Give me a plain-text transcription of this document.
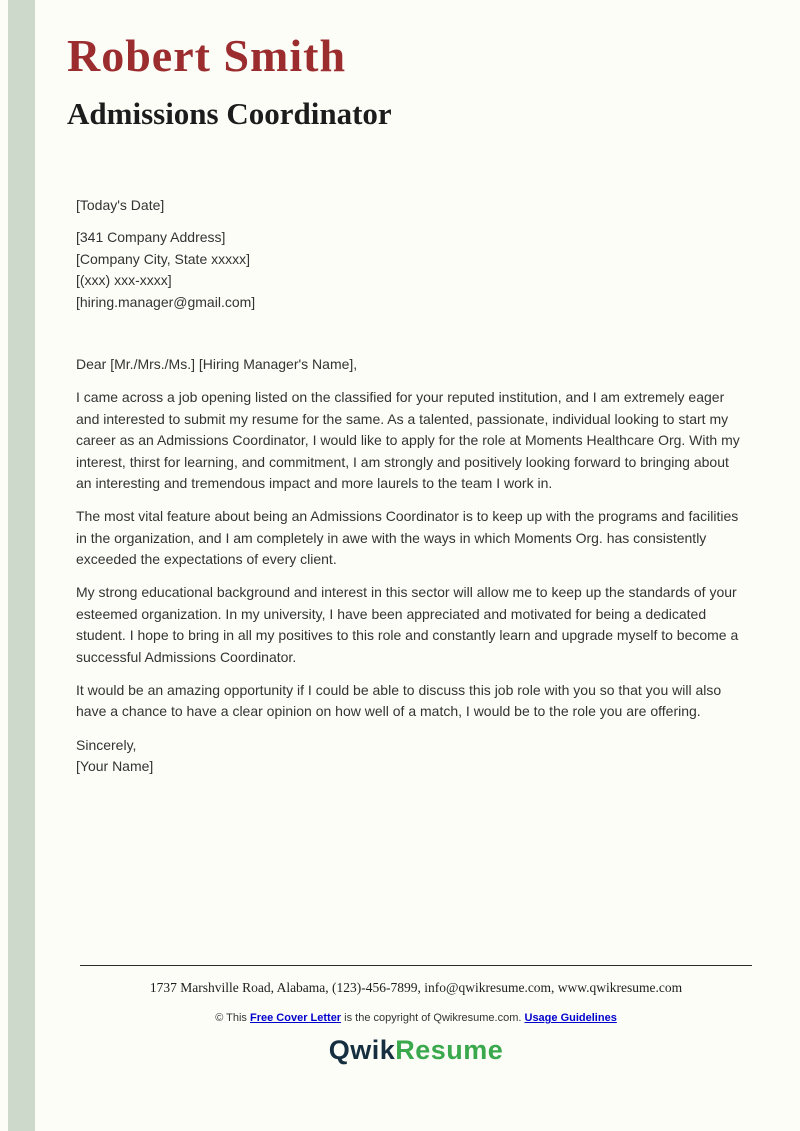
Robert Smith
Admissions Coordinator

[Today's Date]

[341 Company Address]

[Company City, State xxxxx]

[(xxx) xxx-xxxx]

[hiring.manager@gmail.com]

Dear [Mr./Mrs./Ms.] [Hiring Manager's Name],

I came across a job opening listed on the classified for your reputed institution, and I am extremely eager and interested to submit my resume for the same. As a talented, passionate, individual looking to start my career as an Admissions Coordinator, I would like to apply for the role at Moments Healthcare Org. With my interest, thirst for learning, and commitment, I am strongly and positively looking forward to bringing about an interesting and tremendous impact and more laurels to the team I work in.

The most vital feature about being an Admissions Coordinator is to keep up with the programs and facilities in the organization, and I am completely in awe with the ways in which Moments Org. has consistently exceeded the expectations of every client.

My strong educational background and interest in this sector will allow me to keep up the standards of your esteemed organization. In my university, I have been appreciated and motivated for being a dedicated student. I hope to bring in all my positives to this role and constantly learn and upgrade myself to become a successful Admissions Coordinator.

It would be an amazing opportunity if I could be able to discuss this job role with you so that you will also have a chance to have a clear opinion on how well of a match, I would be to the role you are offering.

Sincerely,

[Your Name]

1737 Marshville Road, Alabama, (123)-456-7899, info@qwikresume.com, www.qwikresume.com

© This Free Cover Letter is the copyright of Qwikresume.com. Usage Guidelines

QwikResume
